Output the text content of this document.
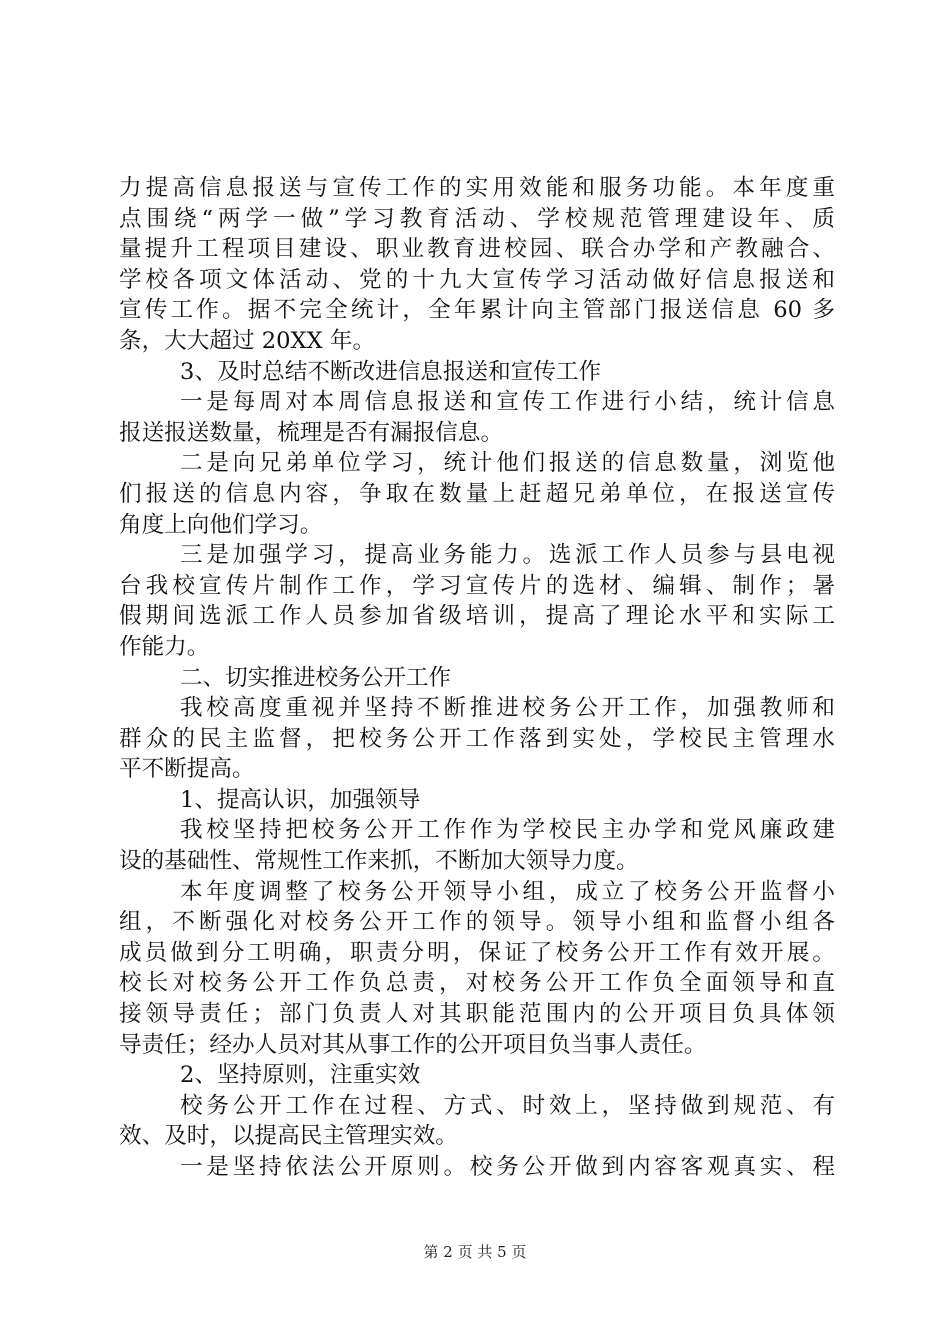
力提高信息报送与宣传工作的实用效能和服务功能。本年度重
点围绕“两学一做”学习教育活动、学校规范管理建设年、质
量提升工程项目建设、职业教育进校园、联合办学和产教融合、
学校各项文体活动、党的十九大宣传学习活动做好信息报送和
宣传工作。据不完全统计，全年累计向主管部门报送信息 60 多
条，大大超过 20XX 年。
3、及时总结不断改进信息报送和宣传工作
一是每周对本周信息报送和宣传工作进行小结，统计信息
报送报送数量，梳理是否有漏报信息。
二是向兄弟单位学习，统计他们报送的信息数量，浏览他
们报送的信息内容，争取在数量上赶超兄弟单位，在报送宣传
角度上向他们学习。
三是加强学习，提高业务能力。选派工作人员参与县电视
台我校宣传片制作工作，学习宣传片的选材、编辑、制作；暑
假期间选派工作人员参加省级培训，提高了理论水平和实际工
作能力。
二、切实推进校务公开工作
我校高度重视并坚持不断推进校务公开工作，加强教师和
群众的民主监督，把校务公开工作落到实处，学校民主管理水
平不断提高。
1、提高认识，加强领导
我校坚持把校务公开工作作为学校民主办学和党风廉政建
设的基础性、常规性工作来抓，不断加大领导力度。
本年度调整了校务公开领导小组，成立了校务公开监督小
组，不断强化对校务公开工作的领导。领导小组和监督小组各
成员做到分工明确，职责分明，保证了校务公开工作有效开展。
校长对校务公开工作负总责，对校务公开工作负全面领导和直
接领导责任；部门负责人对其职能范围内的公开项目负具体领
导责任；经办人员对其从事工作的公开项目负当事人责任。
2、坚持原则，注重实效
校务公开工作在过程、方式、时效上，坚持做到规范、有
效、及时，以提高民主管理实效。
一是坚持依法公开原则。校务公开做到内容客观真实、程
第 2 页 共 5 页
